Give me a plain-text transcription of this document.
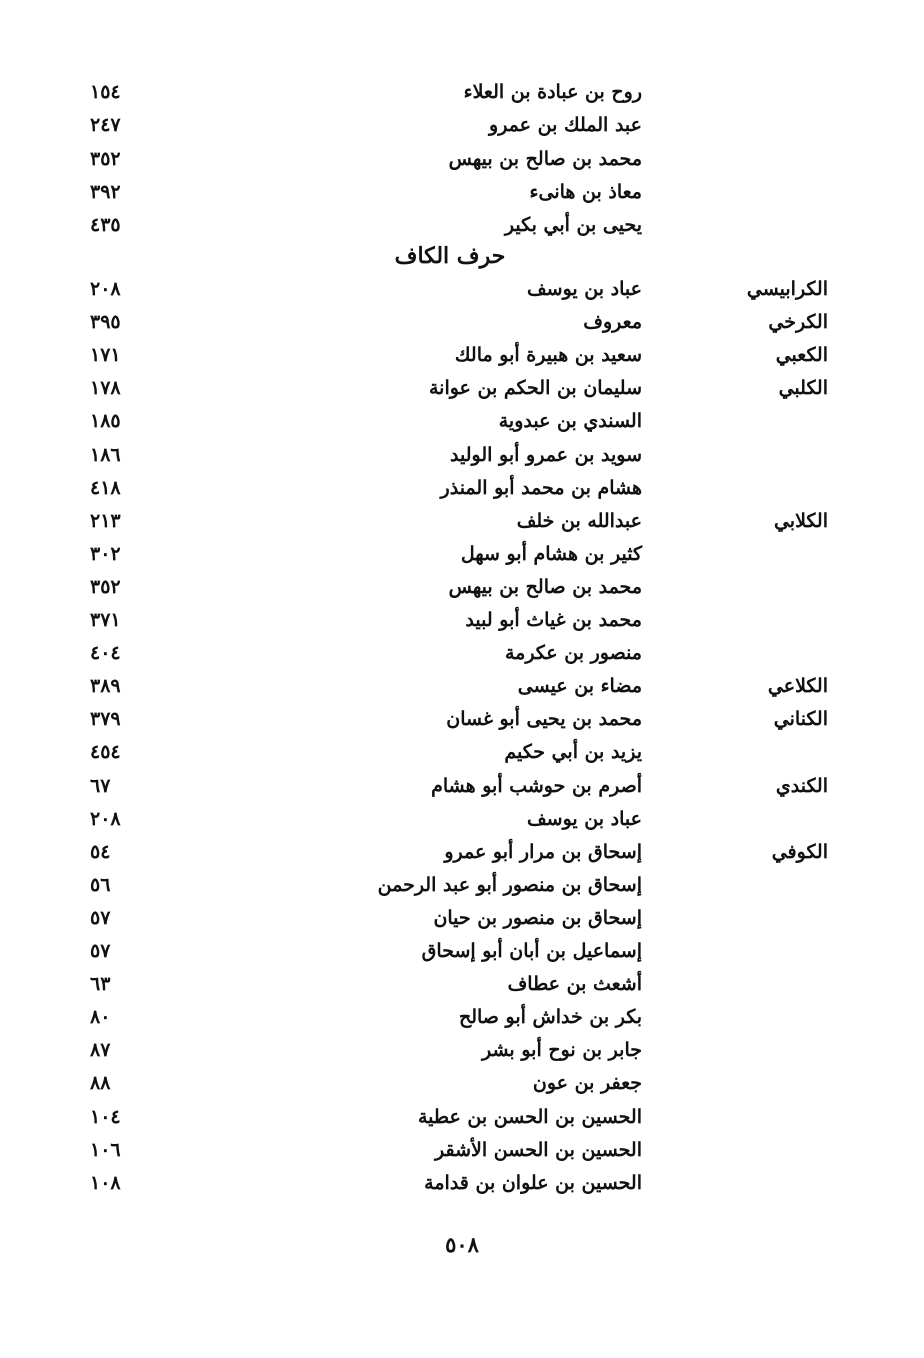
روح بن عبادة بن العلاء
١٥٤
عبد الملك بن عمرو
٢٤٧
محمد بن صالح بن بيهس
٣٥٢
معاذ بن هانىء
٣٩٢
يحيى بن أبي بكير
٤٣٥
حرف الكاف
الكرابيسي
عباد بن يوسف
٢٠٨
الكرخي
معروف
٣٩٥
الكعبي
سعيد بن هبيرة أبو مالك
١٧١
الكلبي
سليمان بن الحكم بن عوانة
١٧٨
السندي بن عبدوية
١٨٥
سويد بن عمرو أبو الوليد
١٨٦
هشام بن محمد أبو المنذر
٤١٨
الكلابي
عبدالله بن خلف
٢١٣
كثير بن هشام أبو سهل
٣٠٢
محمد بن صالح بن بيهس
٣٥٢
محمد بن غياث أبو لبيد
٣٧١
منصور بن عكرمة
٤٠٤
الكلاعي
مضاء بن عيسى
٣٨٩
الكناني
محمد بن يحيى أبو غسان
٣٧٩
يزيد بن أبي حكيم
٤٥٤
الكندي
أصرم بن حوشب أبو هشام
٦٧
عباد بن يوسف
٢٠٨
الكوفي
إسحاق بن مرار أبو عمرو
٥٤
إسحاق بن منصور أبو عبد الرحمن
٥٦
إسحاق بن منصور بن حيان
٥٧
إسماعيل بن أبان أبو إسحاق
٥٧
أشعث بن عطاف
٦٣
بكر بن خداش أبو صالح
٨٠
جابر بن نوح أبو بشر
٨٧
جعفر بن عون
٨٨
الحسين بن الحسن بن عطية
١٠٤
الحسين بن الحسن الأشقر
١٠٦
الحسين بن علوان بن قدامة
١٠٨
٥٠٨
